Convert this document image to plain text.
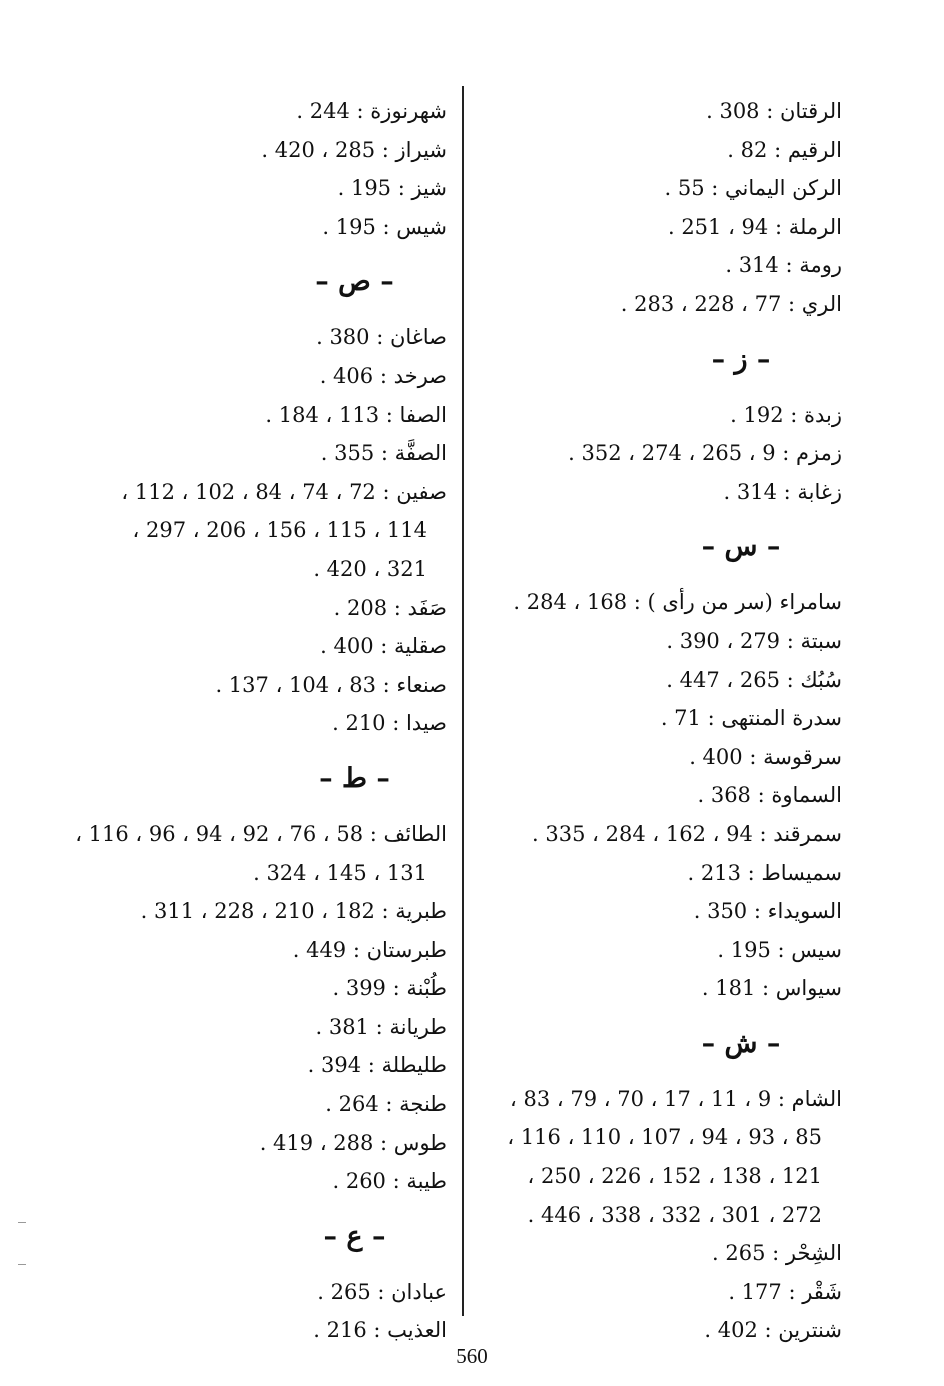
الرقتان : 308 .
الرقيم : 82 .
الركن اليماني : 55 .
الرملة : 94 ، 251 .
رومة : 314 .
الري : 77 ، 228 ، 283 .
– ز –
زبدة : 192 .
زمزم : 9 ، 265 ، 274 ، 352 .
زغابة : 314 .
– س –
سامراء (سر من رأى ) : 168 ، 284 .
سبتة : 279 ، 390 .
سُبُك : 265 ، 447 .
سدرة المنتهى : 71 .
سرقوسة : 400 .
السماوة : 368 .
سمرقند : 94 ، 162 ، 284 ، 335 .
سميساط : 213 .
السويداء : 350 .
سيس : 195 .
سيواس : 181 .
– ش –
الشام : 9 ، 11 ، 17 ، 70 ، 79 ، 83 ،
85 ، 93 ، 94 ، 107 ، 110 ، 116 ،
121 ، 138 ، 152 ، 226 ، 250 ،
272 ، 301 ، 332 ، 338 ، 446 .
الشِحْر : 265 .
شَقْر : 177 .
شنترين : 402 .
شهرنوزة : 244 .
شيراز : 285 ، 420 .
شيز : 195 .
شيس : 195 .
– ص –
صاغان : 380 .
صرخد : 406 .
الصفا : 113 ، 184 .
الصفَّة : 355 .
صفين : 72 ، 74 ، 84 ، 102 ، 112 ،
114 ، 115 ، 156 ، 206 ، 297 ،
321 ، 420 .
صَفَد : 208 .
صقلية : 400 .
صنعاء : 83 ، 104 ، 137 .
صيدا : 210 .
– ط –
الطائف : 58 ، 76 ، 92 ، 94 ، 96 ، 116 ،
131 ، 145 ، 324 .
طبرية : 182 ، 210 ، 228 ، 311 .
طبرستان : 449 .
طُبْنة : 399 .
طريانة : 381 .
طليطلة : 394 .
طنجة : 264 .
طوس : 288 ، 419 .
طيبة : 260 .
– ع –
عبادان : 265 .
العذيب : 216 .
560
